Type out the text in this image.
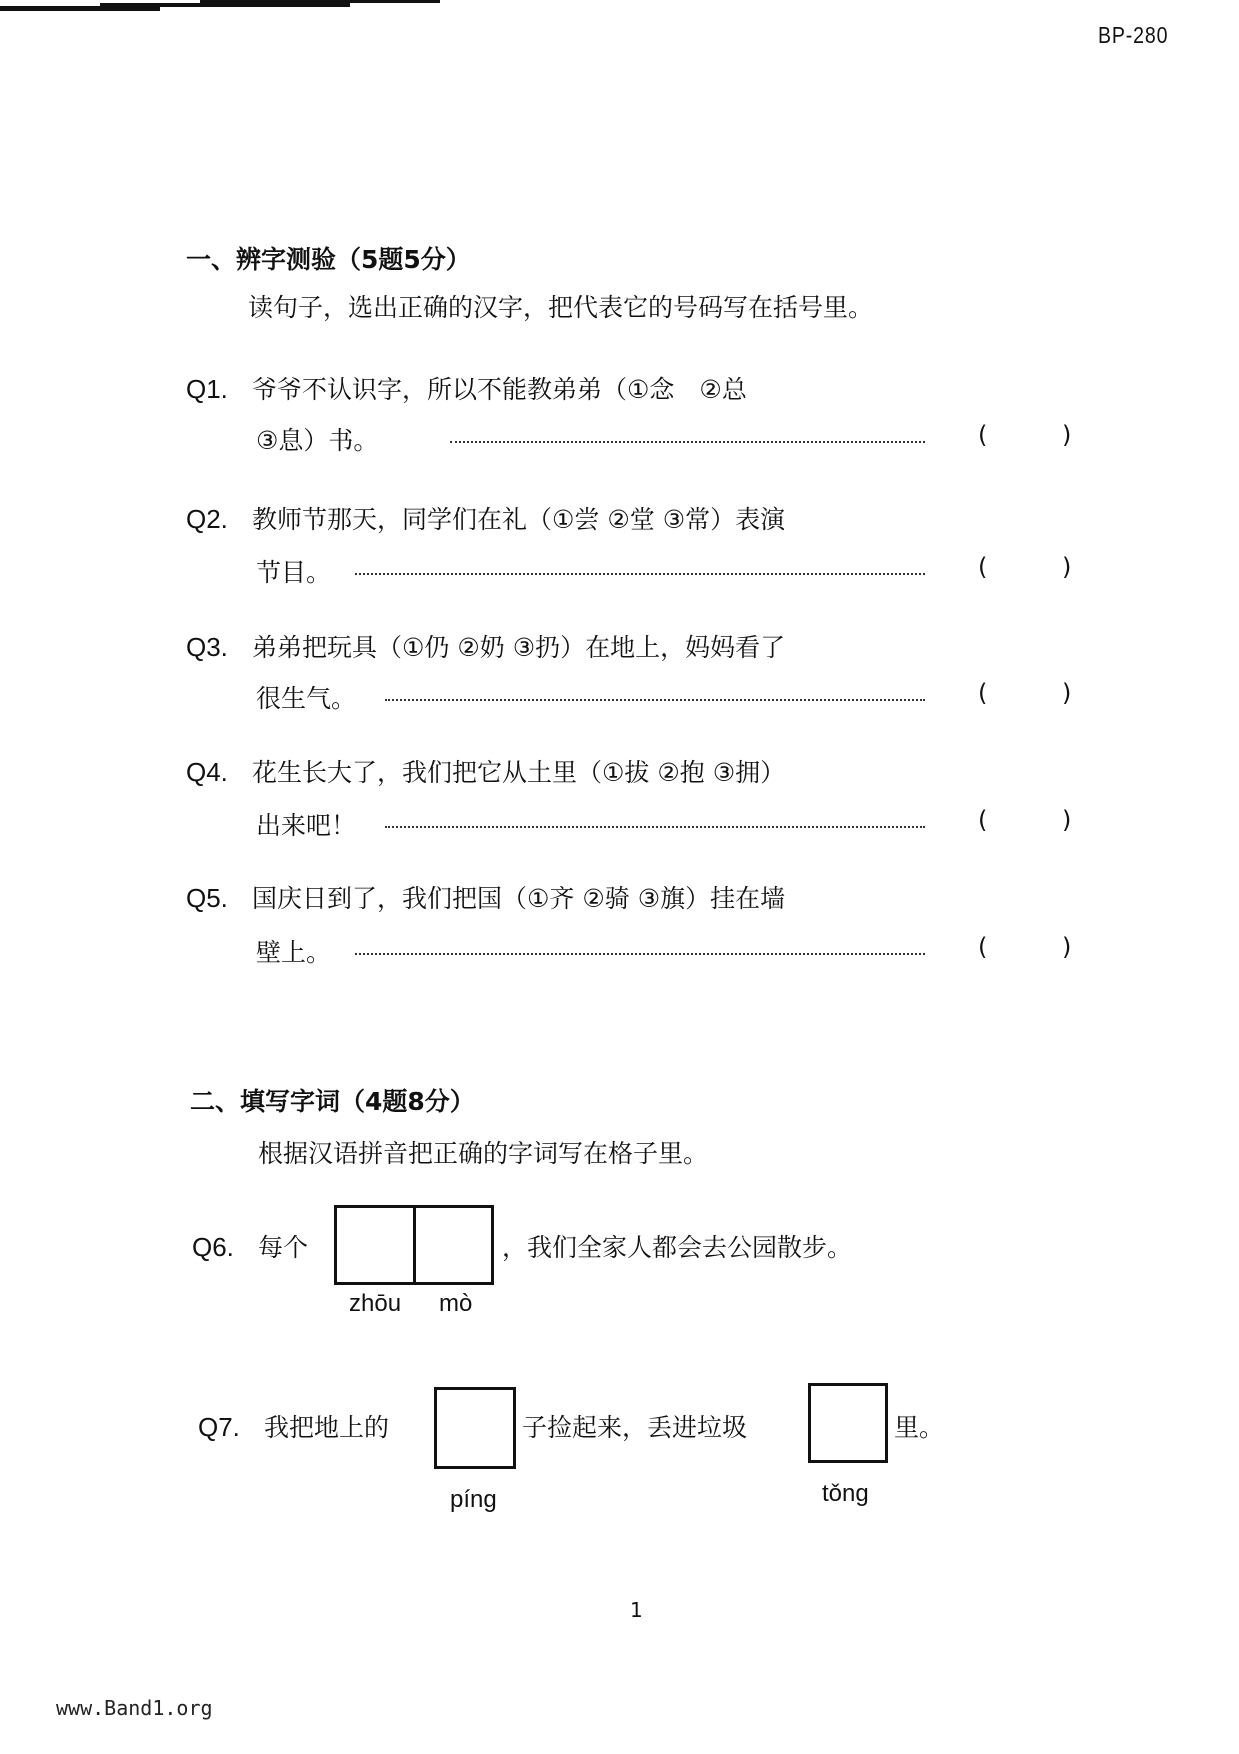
BP-280
一、辨字测验（5题5分）
读句子，选出正确的汉字，把代表它的号码写在括号里。
Q1. 爷爷不认识字，所以不能教弟弟（①念　②总
③息）书。	(	)
Q2. 教师节那天，同学们在礼（①尝 ②堂 ③常）表演
节目。	(	)
Q3. 弟弟把玩具（①仍 ②奶 ③扔）在地上，妈妈看了
很生气。	(	)
Q4. 花生长大了，我们把它从土里（①拔 ②抱 ③拥）
出来吧！	(	)
Q5. 国庆日到了，我们把国（①齐 ②骑 ③旗）挂在墙
壁上。	(	)
二、填写字词（4题8分）
根据汉语拼音把正确的字词写在格子里。
Q6. 每个	，我们全家人都会去公园散步。
zhōu mò
Q7. 我把地上的	子捡起来，丢进垃圾	里。
píng	tǒng
1
www.Band1.org
